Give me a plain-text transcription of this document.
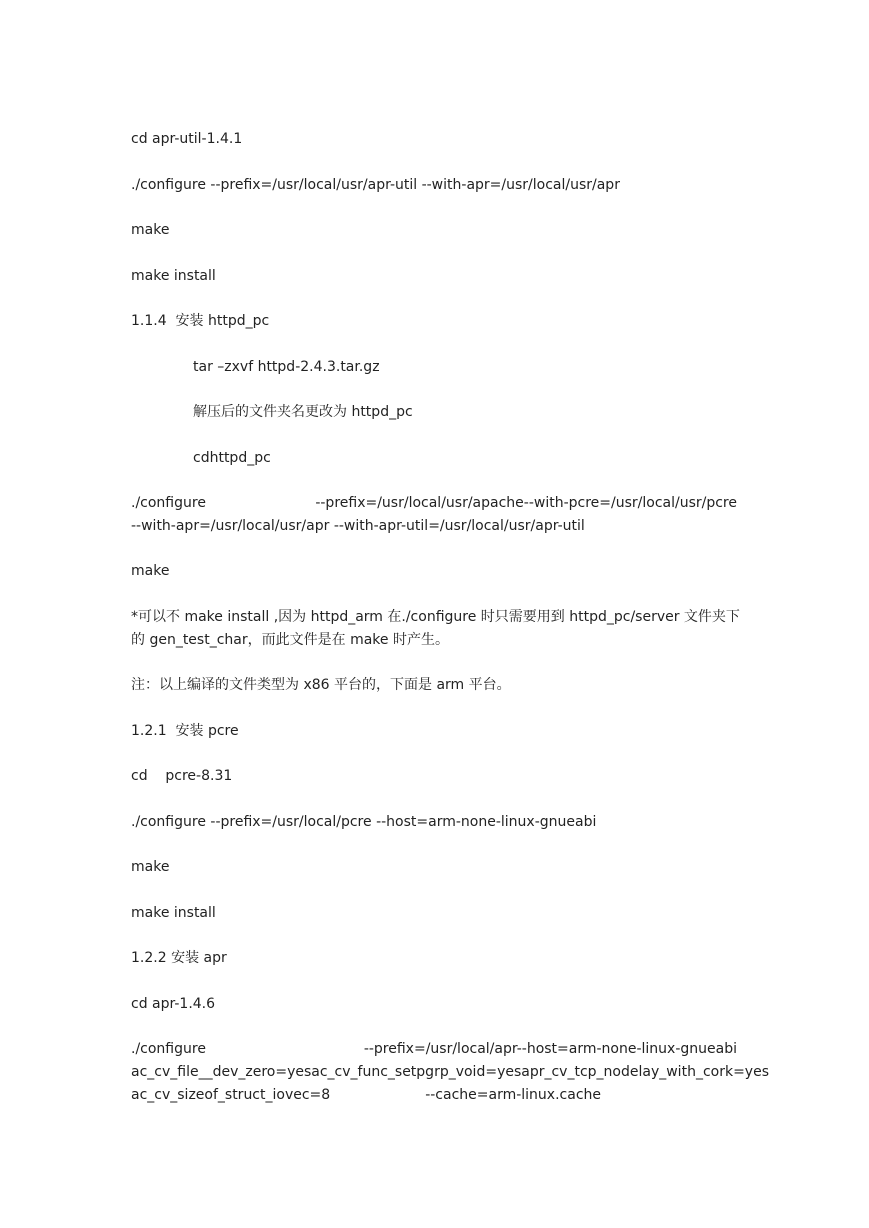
cd apr-util-1.4.1
./configure --prefix=/usr/local/usr/apr-util --with-apr=/usr/local/usr/apr
make
make install
1.1.4  安装 httpd_pc
tar –zxvf httpd-2.4.3.tar.gz
解压后的文件夹名更改为 httpd_pc
cdhttpd_pc
./configure	--prefix=/usr/local/usr/apache--with-pcre=/usr/local/usr/pcre
--with-apr=/usr/local/usr/apr --with-apr-util=/usr/local/usr/apr-util
make
*可以不 make install ,因为 httpd_arm 在./configure 时只需要用到 httpd_pc/server 文件夹下
的 gen_test_char，而此文件是在 make 时产生。
注：以上编译的文件类型为 x86 平台的，下面是 arm 平台。
1.2.1  安装 pcre
cd    pcre-8.31
./configure --prefix=/usr/local/pcre --host=arm-none-linux-gnueabi
make
make install
1.2.2 安装 apr
cd apr-1.4.6
./configure	--prefix=/usr/local/apr--host=arm-none-linux-gnueabi
ac_cv_file__dev_zero=yes ac_cv_func_setpgrp_void=yes apr_cv_tcp_nodelay_with_cork=yes
ac_cv_sizeof_struct_iovec=8	--cache=arm-linux.cache
